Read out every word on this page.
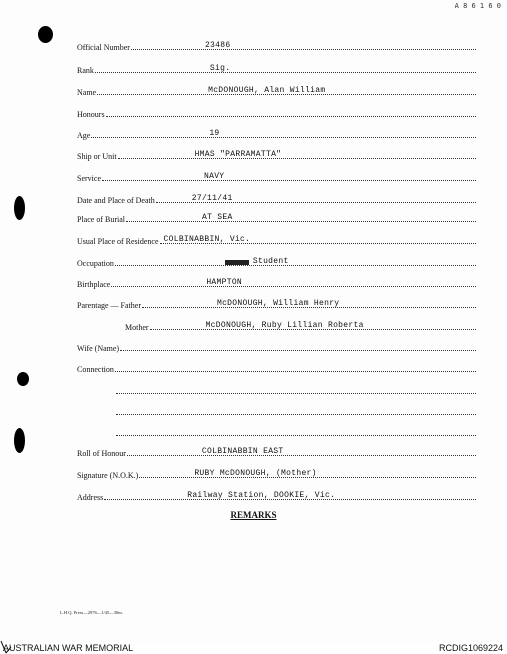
A 8 6 1 6 0
Official Number	23486
Rank	Sig.
Name	McDONOUGH, Alan William
Honours
Age	19
Ship or Unit	HMAS "PARRAMATTA"
Service	NAVY
Date and Place of Death	27/11/41
Place of Burial	AT SEA
Usual Place of Residence COLBINABBIN, Vic.
Occupation	Student
Birthplace	HAMPTON
Parentage — Father	McDONOUGH, William Henry
Mother	McDONOUGH, Ruby Lillian Roberta
Wife (Name)
Connection
Roll of Honour	COLBINABBIN EAST
Signature (N.O.K.)	RUBY McDONOUGH, (Mother)
Address	Railway Station, DOOKIE, Vic.
REMARKS
L.H.Q. Press—2976—1/45—30m.
AUSTRALIAN WAR MEMORIAL	RCDIG1069224
